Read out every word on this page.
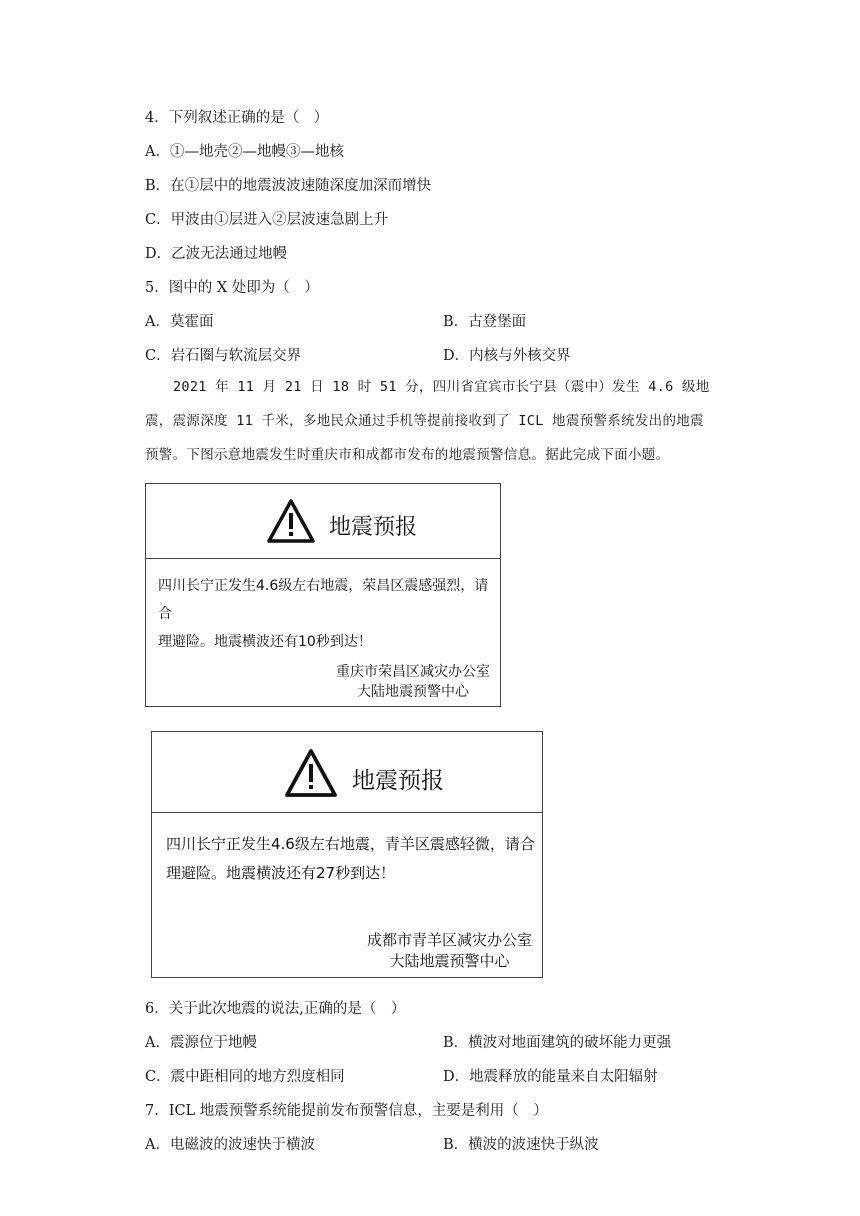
4．下列叙述正确的是（　）
A．①—地壳②—地幔③—地核
B．在①层中的地震波波速随深度加深而增快
C．甲波由①层进入②层波速急剧上升
D．乙波无法通过地幔
5．图中的 X 处即为（　）
A．莫霍面	B．古登堡面
C．岩石圈与软流层交界	D．内核与外核交界
2021 年 11 月 21 日 18 时 51 分，四川省宜宾市长宁县（震中）发生 4.6 级地震，震源深度 11 千米，多地民众通过手机等提前接收到了 ICL 地震预警系统发出的地震预警。下图示意地震发生时重庆市和成都市发布的地震预警信息。据此完成下面小题。
地震预报
四川长宁正发生4.6级左右地震，荣昌区震感强烈，请合
理避险。地震横波还有10秒到达！
重庆市荣昌区减灾办公室
大陆地震预警中心
地震预报
四川长宁正发生4.6级左右地震，青羊区震感轻微，请合
理避险。地震横波还有27秒到达！
成都市青羊区减灾办公室
大陆地震预警中心
6．关于此次地震的说法,正确的是（　）
A．震源位于地幔	B．横波对地面建筑的破坏能力更强
C．震中距相同的地方烈度相同	D．地震释放的能量来自太阳辐射
7．ICL 地震预警系统能提前发布预警信息，主要是利用（　）
A．电磁波的波速快于横波	B．横波的波速快于纵波
